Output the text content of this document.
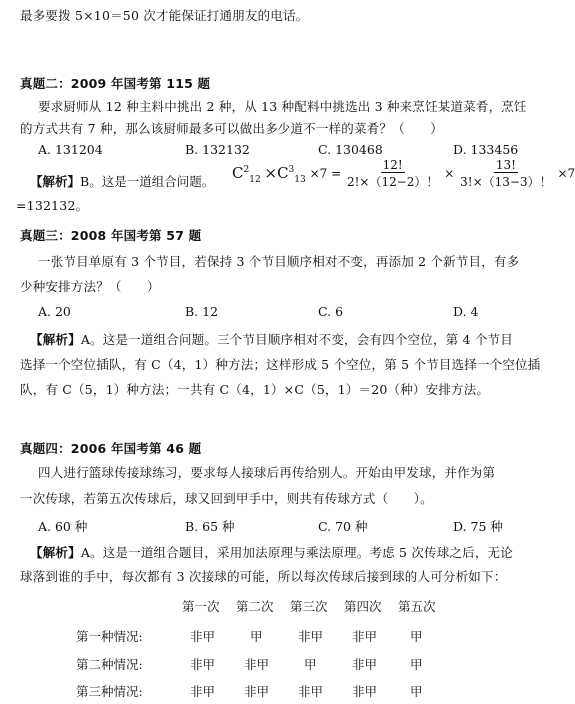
最多要拨 5×10＝50 次才能保证打通朋友的电话。
真题二：2009 年国考第 115 题
要求厨师从 12 种主料中挑出 2 种，从 13 种配料中挑选出 3 种来烹饪某道菜肴，烹饪
的方式共有 7 种，那么该厨师最多可以做出多少道不一样的菜肴？（　　）
A. 131204	B. 132132	C. 130468	D. 133456
【解析】B。这是一道组合问题。 $C^2_{12} \times C^3_{13} \times 7 = \frac{12!}{2!\times(12-2)!} \times \frac{13!}{3!\times(13-3)!} \times 7$
=132132。
真题三：2008 年国考第 57 题
一张节目单原有 3 个节目，若保持 3 个节目顺序相对不变，再添加 2 个新节目，有多
少种安排方法？（　　）
A. 20	B. 12	C. 6	D. 4
【解析】A。这是一道组合问题。三个节目顺序相对不变，会有四个空位，第 4 个节目
选择一个空位插队，有 C（4，1）种方法；这样形成 5 个空位，第 5 个节目选择一个空位插
队，有 C（5，1）种方法；一共有 C（4，1）×C（5，1）＝20（种）安排方法。
真题四：2006 年国考第 46 题
四人进行篮球传接球练习，要求每人接球后再传给别人。开始由甲发球，并作为第
一次传球，若第五次传球后，球又回到甲手中，则共有传球方式（　　）。
A. 60 种	B. 65 种	C. 70 种	D. 75 种
【解析】A。这是一道组合题目，采用加法原理与乘法原理。考虑 5 次传球之后，无论
球落到谁的手中，每次都有 3 次接球的可能，所以每次传球后接到球的人可分析如下：
第一次 第二次 第三次 第四次 第五次
第一种情况:	非甲	甲	非甲 非甲	甲
第二种情况:	非甲 非甲	甲	非甲	甲
第三种情况:	非甲 非甲 非甲 非甲	甲
